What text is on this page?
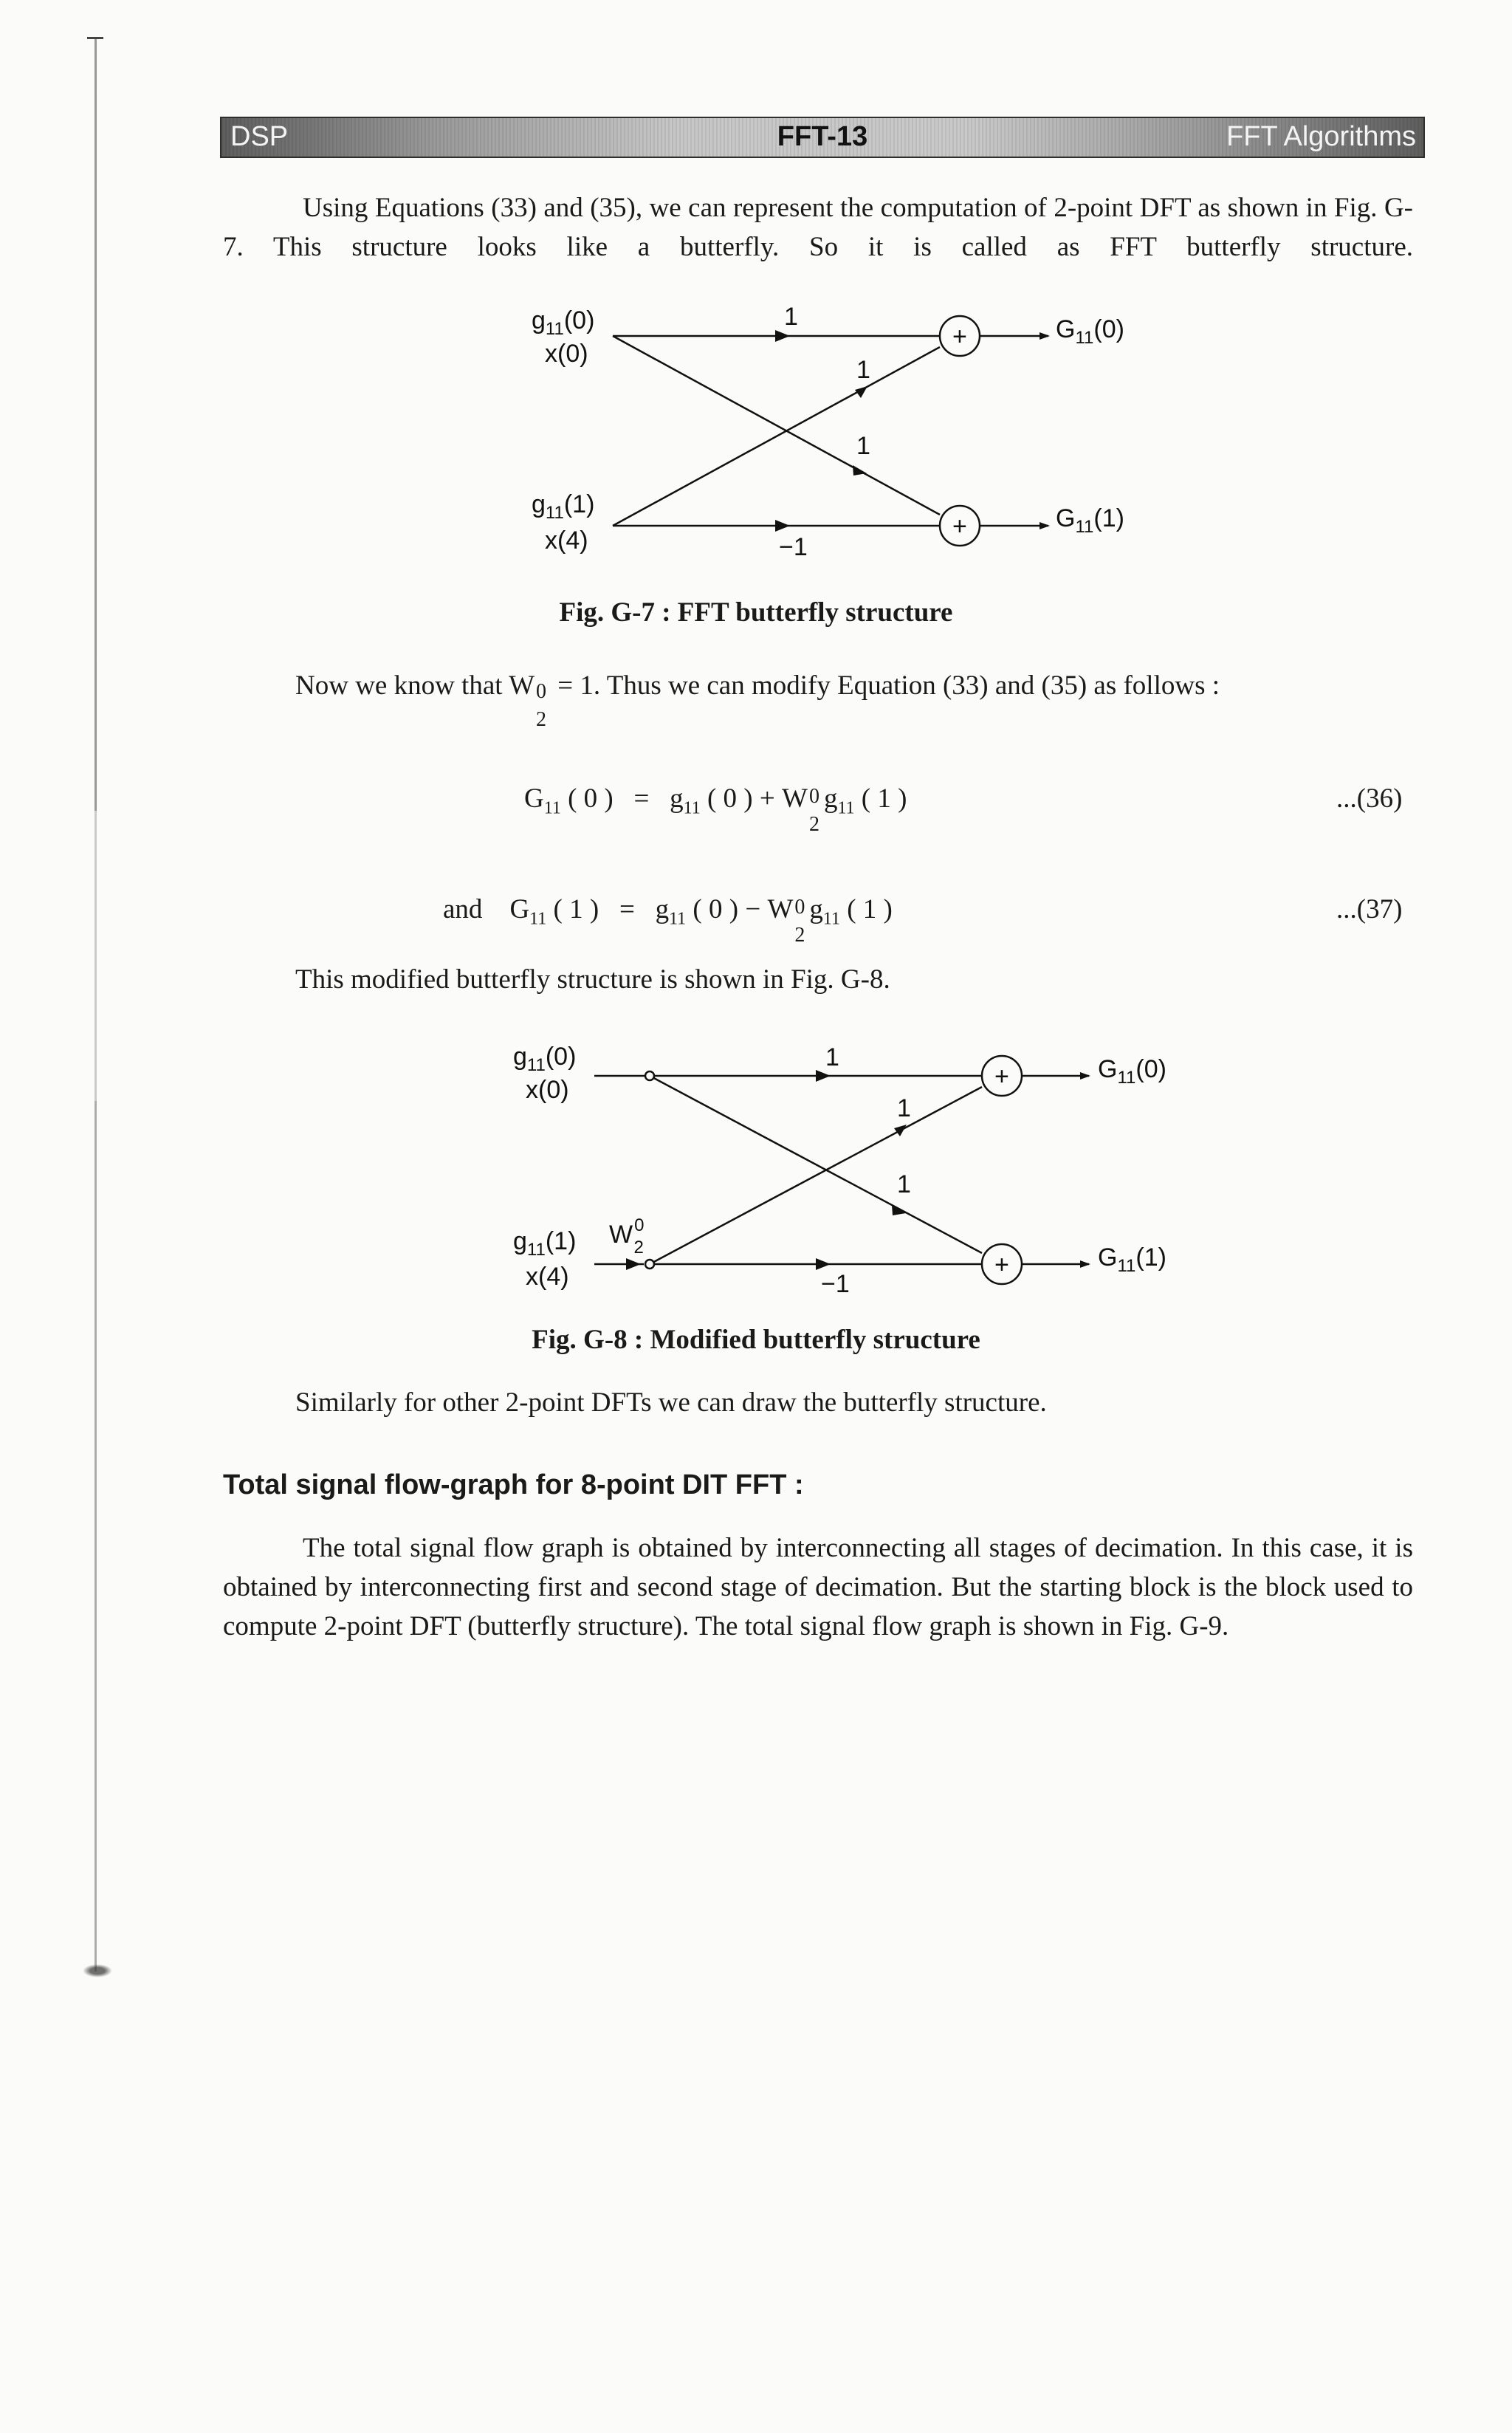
DSP	FFT-13	FFT Algorithms
Using Equations (33) and (35), we can represent the computation of 2-point DFT as shown in Fig. G-7. This structure looks like a butterfly. So it is called as FFT butterfly structure.
$g_{11}(0)$
x(0)
$g_{11}(1)$
x(4)
$G_{11}(0)$
$G_{11}(1)$
1
1
1
−1
+
+
Fig. G-7 : FFT butterfly structure
Now we know that W 0
2
= 1. Thus we can modify Equation (33) and (35) as follows :
$G_{11}$ ( 0 ) = $g_{11}$ ( 0 ) + W 0
2
$g_{11}$ ( 1 )	...(36)
and $G_{11}$ ( 1 ) = $g_{11}$ ( 0 ) − W 0
2
$g_{11}$ ( 1 )	...(37)
This modified butterfly structure is shown in Fig. G-8.
$g_{11}(0)$
x(0)
$g_{11}(1)$
x(4)
$W^0$ 2
1
1
1
−1
+
+
$G_{11}(0)$
$G_{11}(1)$
Fig. G-8 : Modified butterfly structure
Similarly for other 2-point DFTs we can draw the butterfly structure.
Total signal flow-graph for 8-point DIT FFT :
The total signal flow graph is obtained by interconnecting all stages of decimation. In this case, it is obtained by interconnecting first and second stage of decimation. But the starting block is the block used to compute 2-point DFT (butterfly structure). The total signal flow graph is shown in Fig. G-9.
